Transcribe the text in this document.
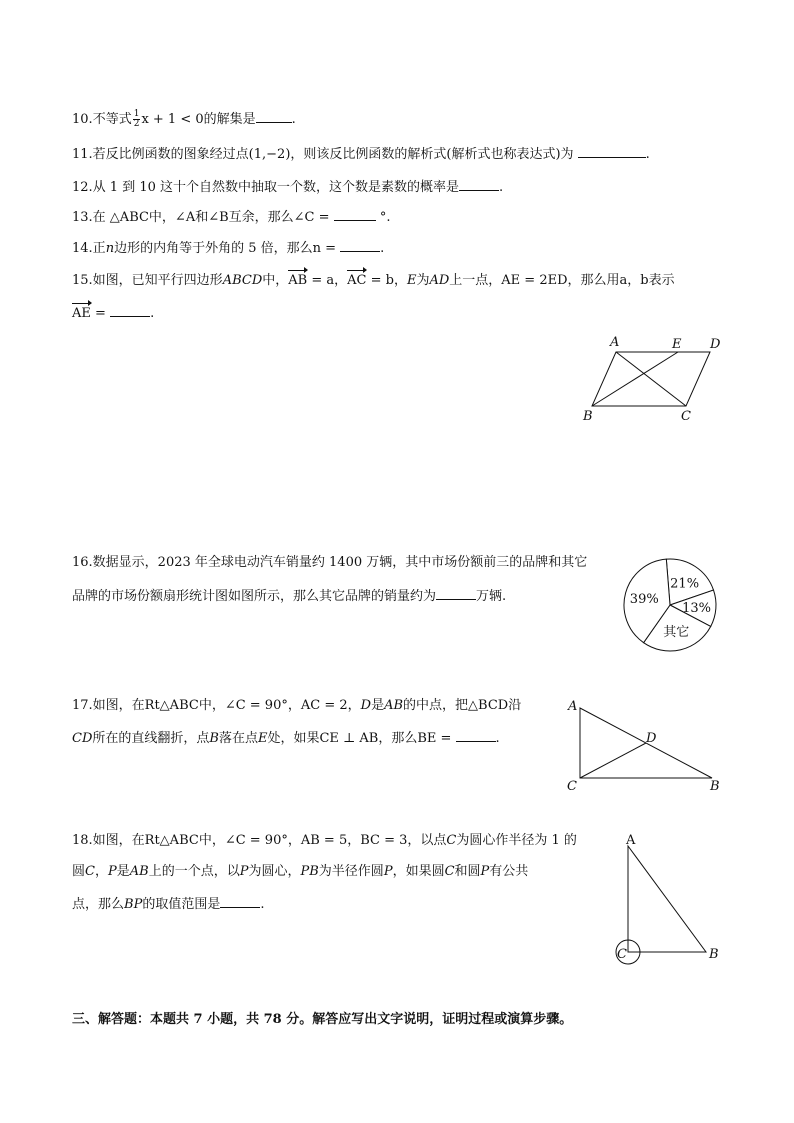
10.不等式 $\frac{1}{2}$ x + 1 < 0的解集是	.
11.若反比例函数的图象经过点(1,−2)，则该反比例函数的解析式(解析式也称表达式)为	.
12.从 1 到 10 这十个自然数中抽取一个数，这个数是素数的概率是	.
13.在 △ABC中，∠A和∠B互余，那么∠C =	°.
14.正n边形的内角等于外角的 5 倍，那么n =	.
15.如图，已知平行四边形ABCD中，AB = a，AC = b，E为AD上一点，AE = 2ED，那么用a，b表示
AE =	.
A	E D
B	C
16.数据显示，2023 年全球电动汽车销量约 1400 万辆，其中市场份额前三的品牌和其它
品牌的市场份额扇形统计图如图所示，那么其它品牌的销量约为	万辆.
21%
13%
其它
39%
17.如图，在Rt△ABC中，∠C = 90°，AC = 2，D是AB的中点，把△BCD沿
CD所在的直线翻折，点B落在点E处，如果CE ⊥ AB，那么BE =	.
A
D
C	B
18.如图，在Rt△ABC中，∠C = 90°，AB = 5，BC = 3，以点C为圆心作半径为 1 的
圆C，P是AB上的一个点，以P为圆心，PB为半径作圆P，如果圆C和圆P有公共
点，那么BP的取值范围是	.
A
C	B
三、解答题：本题共 7 小题，共 78 分。解答应写出文字说明，证明过程或演算步骤。
